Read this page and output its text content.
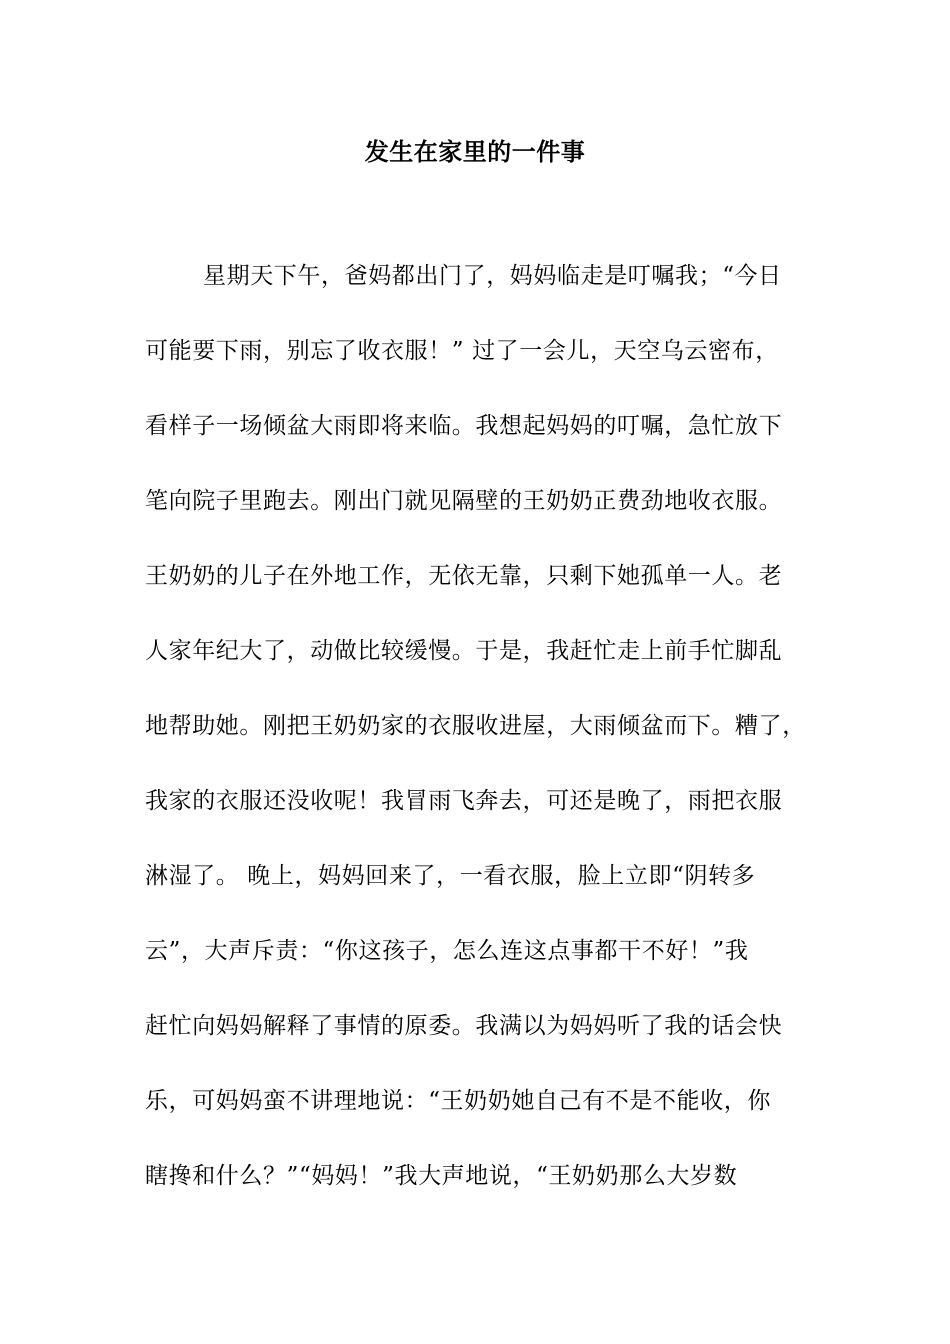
发生在家里的一件事
星期天下午，爸妈都出门了，妈妈临走是叮嘱我；“今日
可能要下雨，别忘了收衣服！” 过了一会儿，天空乌云密布，
看样子一场倾盆大雨即将来临。我想起妈妈的叮嘱，急忙放下
笔向院子里跑去。刚出门就见隔壁的王奶奶正费劲地收衣服。
王奶奶的儿子在外地工作，无依无靠，只剩下她孤单一人。老
人家年纪大了，动做比较缓慢。于是，我赶忙走上前手忙脚乱
地帮助她。刚把王奶奶家的衣服收进屋，大雨倾盆而下。糟了，
我家的衣服还没收呢！我冒雨飞奔去，可还是晚了，雨把衣服
淋湿了。 晚上，妈妈回来了，一看衣服，脸上立即“阴转多
云”，大声斥责：“你这孩子，怎么连这点事都干不好！”我
赶忙向妈妈解释了事情的原委。我满以为妈妈听了我的话会快
乐，可妈妈蛮不讲理地说：“王奶奶她自己有不是不能收，你
瞎搀和什么？”“妈妈！”我大声地说，“王奶奶那么大岁数
